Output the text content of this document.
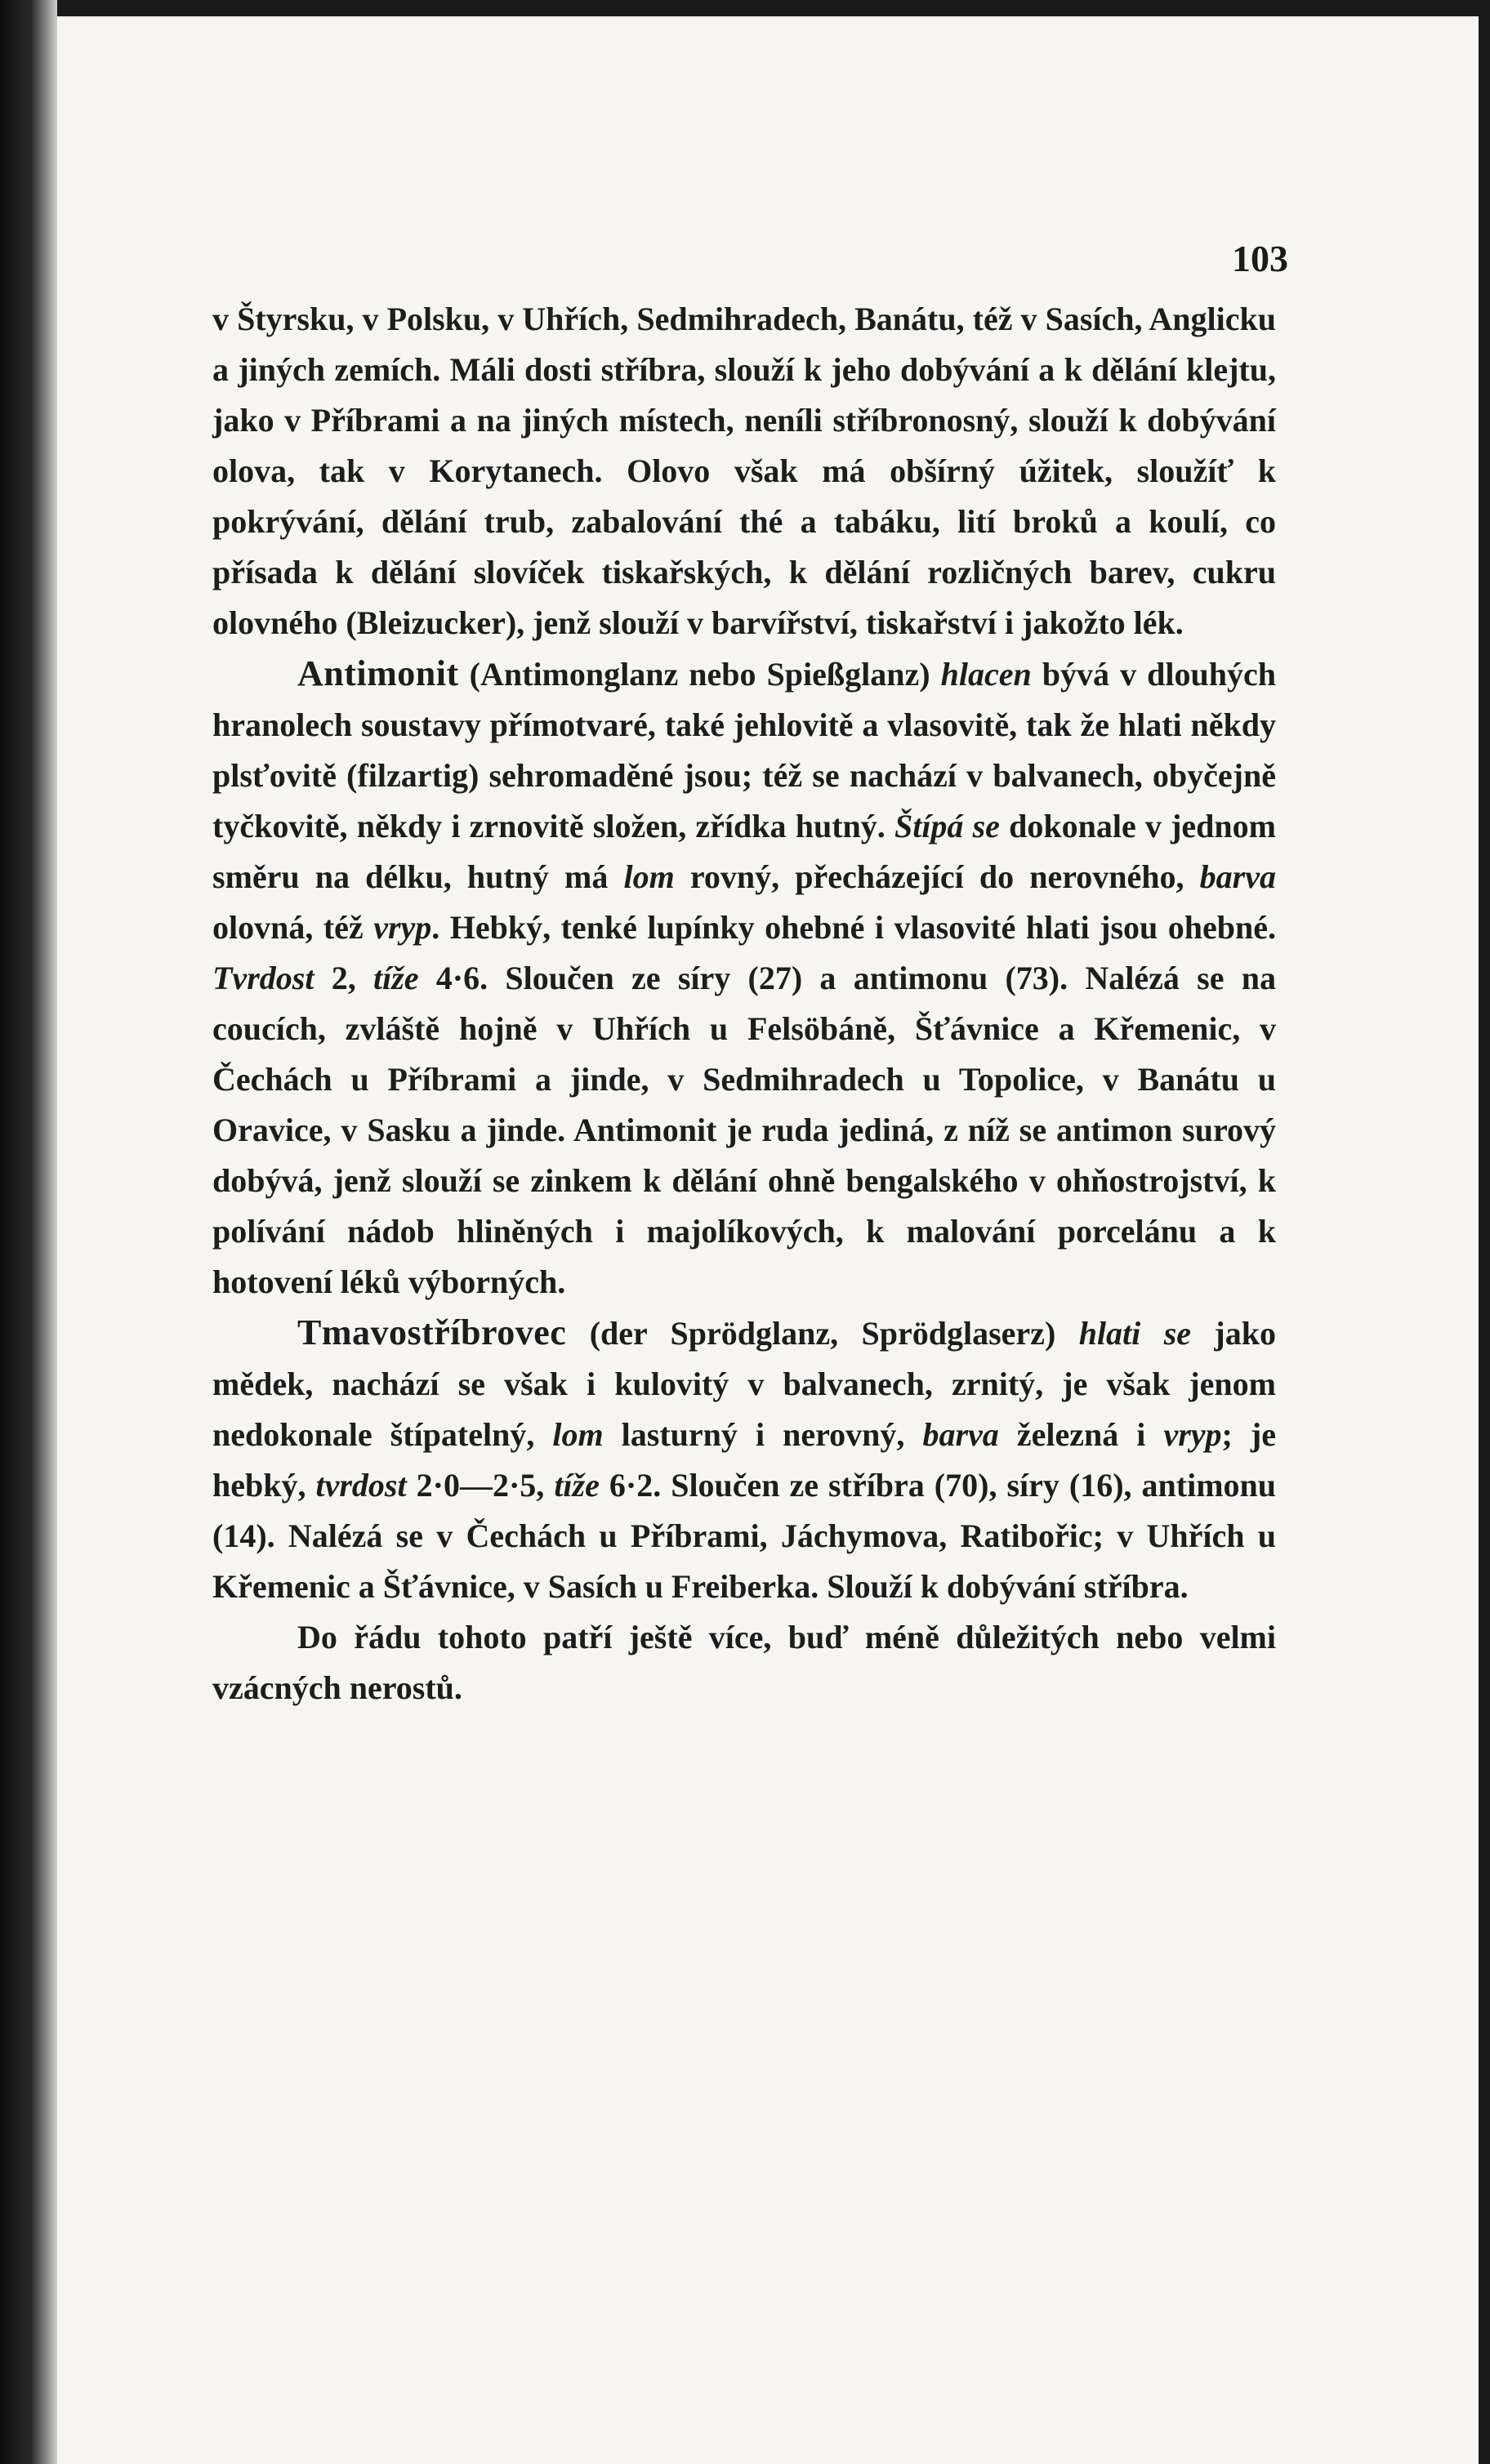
103

v Štyrsku, v Polsku, v Uhřích, Sedmihradech, Banátu, též v Sasích, Anglicku a jiných zemích. Máli dosti stříbra, slouží k jeho dobývání a k dělání klejtu, jako v Příbrami a na jiných místech, neníli stříbronosný, slouží k dobývání olova, tak v Korytanech. Olovo však má obšírný úžitek, sloužíť k pokrývání, dělání trub, zabalování thé a tabáku, lití broků a koulí, co přísada k dělání slovíček tiskařských, k dělání rozličných barev, cukru olovného (Bleizucker), jenž slouží v barvířství, tiskařství i jakožto lék.

Antimonit (Antimonglanz nebo Spießglanz) hlacen bývá v dlouhých hranolech soustavy přímotvaré, také jehlovitě a vlasovitě, tak že hlati někdy plsťovitě (filzartig) sehromaděné jsou; též se nachází v balvanech, obyčejně tyčkovitě, někdy i zrnovitě složen, zřídka hutný. Štípá se dokonale v jednom směru na délku, hutný má lom rovný, přecházející do nerovného, barva olovná, též vryp. Hebký, tenké lupínky ohebné i vlasovité hlati jsou ohebné. Tvrdost 2, tíže 4·6. Sloučen ze síry (27) a antimonu (73). Nalézá se na coucích, zvláště hojně v Uhřích u Felsöbáně, Šťávnice a Křemenic, v Čechách u Příbrami a jinde, v Sedmihradech u Topolice, v Banátu u Oravice, v Sasku a jinde. Antimonit je ruda jediná, z níž se antimon surový dobývá, jenž slouží se zinkem k dělání ohně bengalského v ohňostrojství, k polívání nádob hliněných i majolíkových, k malování porcelánu a k hotovení léků výborných.

Tmavostříbrovec (der Sprödglanz, Sprödglaserz) hlati se jako mědek, nachází se však i kulovitý v balvanech, zrnitý, je však jenom nedokonale štípatelný, lom lasturný i nerovný, barva železná i vryp; je hebký, tvrdost 2·0—2·5, tíže 6·2. Sloučen ze stříbra (70), síry (16), antimonu (14). Nalézá se v Čechách u Příbrami, Jáchymova, Ratibořic; v Uhřích u Křemenic a Šťávnice, v Sasích u Freiberka. Slouží k dobývání stříbra.

Do řádu tohoto patří ještě více, buď méně důležitých nebo velmi vzácných nerostů.
